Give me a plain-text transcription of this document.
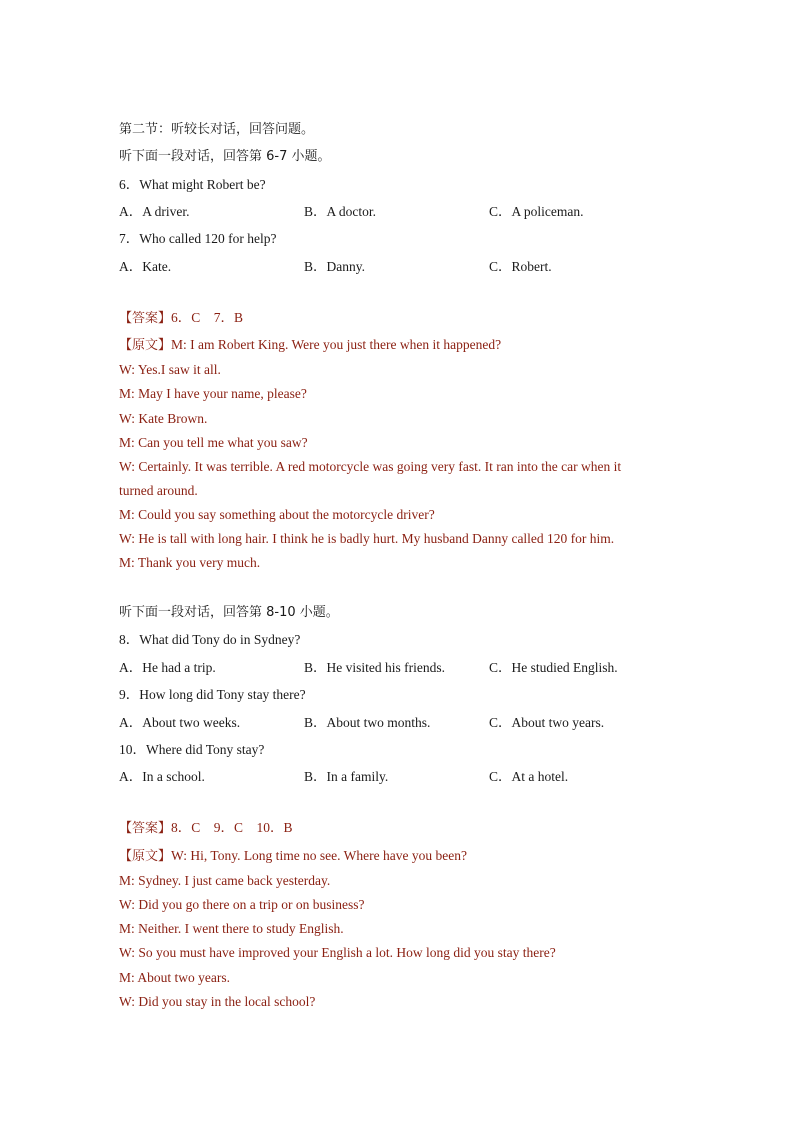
第二节：听较长对话，回答问题。
听下面一段对话，回答第 6-7 小题。
6．What might Robert be?
A．A driver.	B．A doctor.	C．A policeman.
7．Who called 120 for help?
A．Kate.	B．Danny.	C．Robert.
【答案】6．C　7．B
【原文】M: I am Robert King. Were you just there when it happened?
W: Yes.I saw it all.
M: May I have your name, please?
W: Kate Brown.
M: Can you tell me what you saw?
W: Certainly. It was terrible. A red motorcycle was going very fast. It ran into the car when it
turned around.
M: Could you say something about the motorcycle driver?
W: He is tall with long hair. I think he is badly hurt. My husband Danny called 120 for him.
M: Thank you very much.
听下面一段对话，回答第 8-10 小题。
8．What did Tony do in Sydney?
A．He had a trip.	B．He visited his friends.	C．He studied English.
9．How long did Tony stay there?
A．About two weeks.	B．About two months.	C．About two years.
10．Where did Tony stay?
A．In a school.	B．In a family.	C．At a hotel.
【答案】8．C　9．C　10．B
【原文】W: Hi, Tony. Long time no see. Where have you been?
M: Sydney. I just came back yesterday.
W: Did you go there on a trip or on business?
M: Neither. I went there to study English.
W: So you must have improved your English a lot. How long did you stay there?
M: About two years.
W: Did you stay in the local school?
